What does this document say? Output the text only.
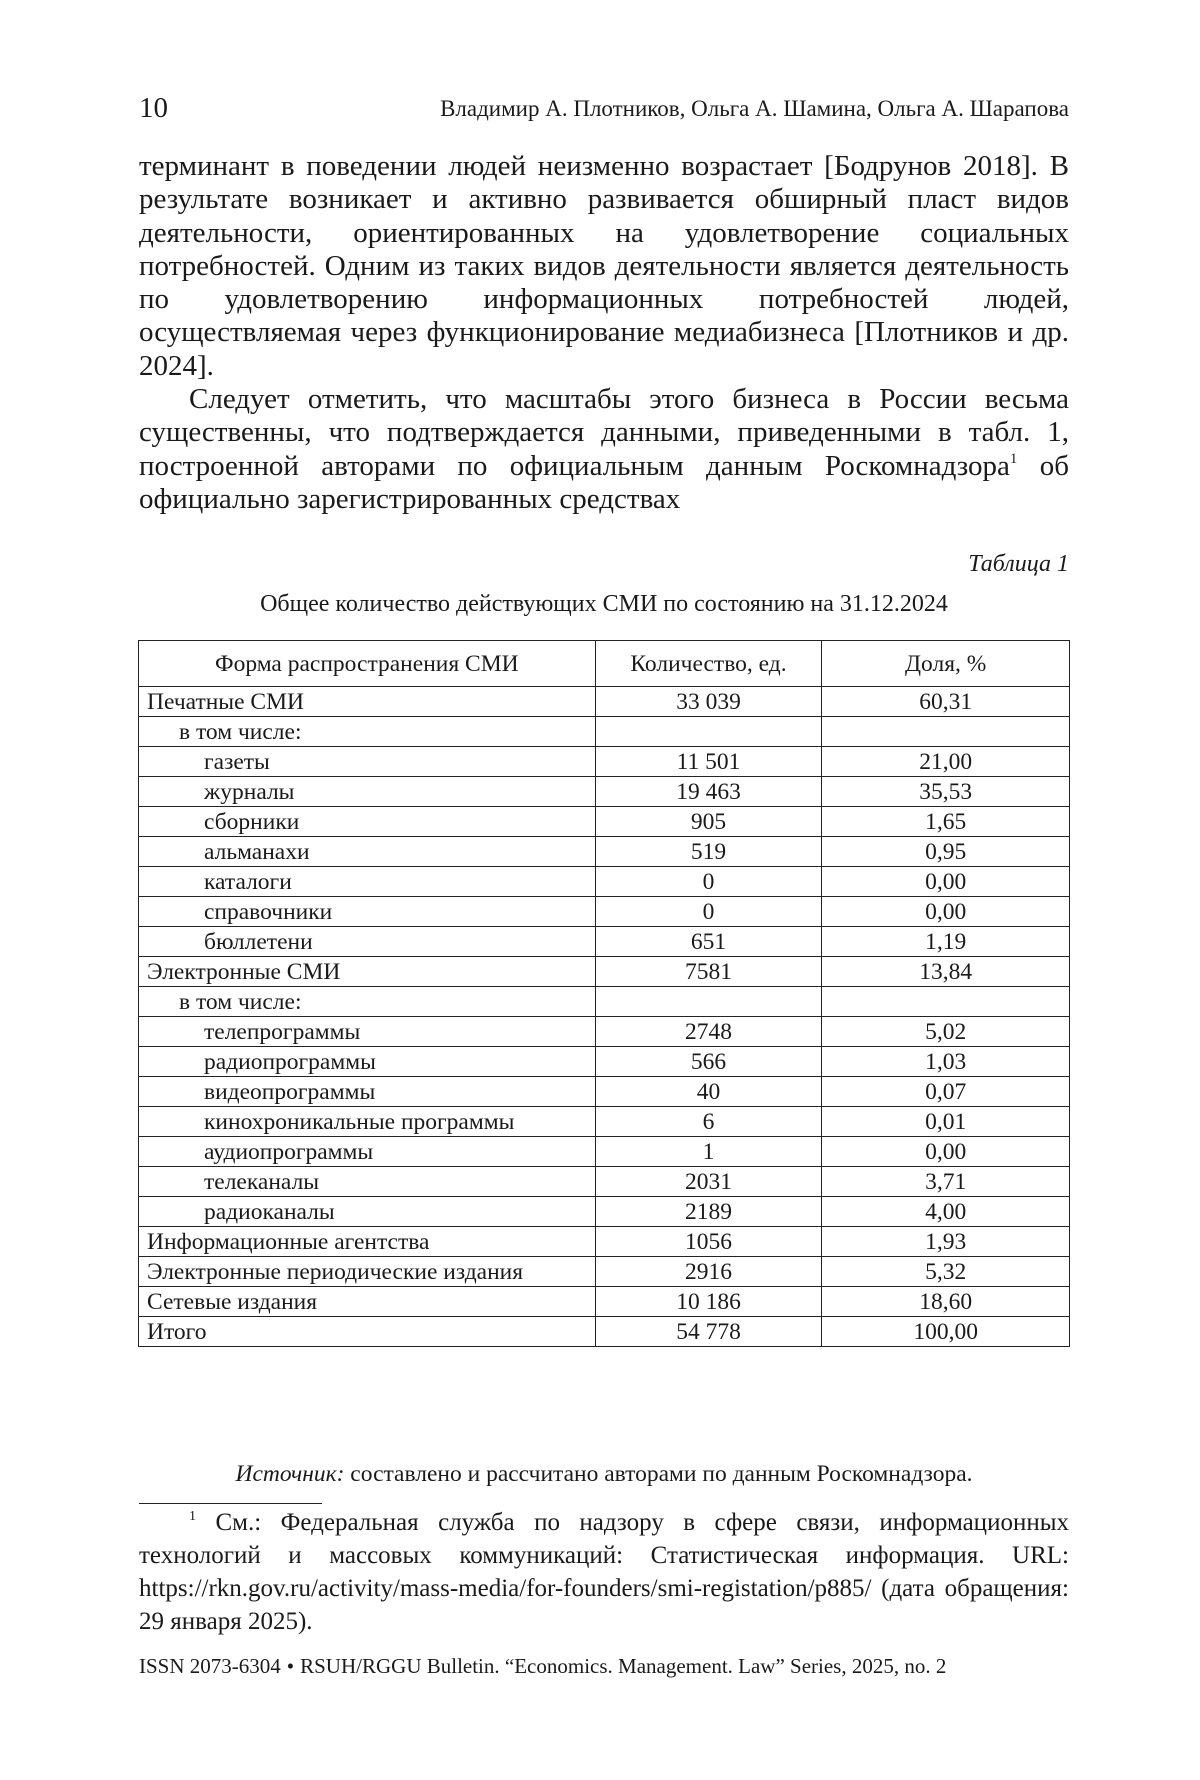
10	Владимир А. Плотников, Ольга А. Шамина, Ольга А. Шарапова

терминант в поведении людей неизменно возрастает [Бодрунов 2018]. В результате возникает и активно развивается обширный пласт видов деятельности, ориентированных на удовлетворение социальных потребностей. Одним из таких видов деятельности является деятельность по удовлетворению информационных потребностей людей, осуществляемая через функционирование медиабизнеса [Плотников и др. 2024].

Следует отметить, что масштабы этого бизнеса в России весьма существенны, что подтверждается данными, приведенными в табл. 1, построенной авторами по официальным данным Роскомнадзора1 об официально зарегистрированных средствах

Таблица 1
Общее количество действующих СМИ по состоянию на 31.12.2024
Форма распространения СМИ	Количество, ед.	Доля, %
Печатные СМИ	33 039	60,31
в том числе:		
газеты	11 501	21,00
журналы	19 463	35,53
сборники	905	1,65
альманахи	519	0,95
каталоги	0	0,00
справочники	0	0,00
бюллетени	651	1,19
Электронные СМИ	7581	13,84
в том числе:		
телепрограммы	2748	5,02
радиопрограммы	566	1,03
видеопрограммы	40	0,07
кинохроникальные программы	6	0,01
аудиопрограммы	1	0,00
телеканалы	2031	3,71
радиоканалы	2189	4,00
Информационные агентства	1056	1,93
Электронные периодические издания	2916	5,32
Сетевые издания	10 186	18,60
Итого	54 778	100,00
Источник: составлено и рассчитано авторами по данным Роскомнадзора.

1 См.: Федеральная служба по надзору в сфере связи, информационных технологий и массовых коммуникаций: Статистическая информация. URL: https://rkn.gov.ru/activity/mass-media/for-founders/smi-registation/p885/ (дата обращения: 29 января 2025).

ISSN 2073-6304 • RSUH/RGGU Bulletin. “Economics. Management. Law” Series, 2025, no. 2
